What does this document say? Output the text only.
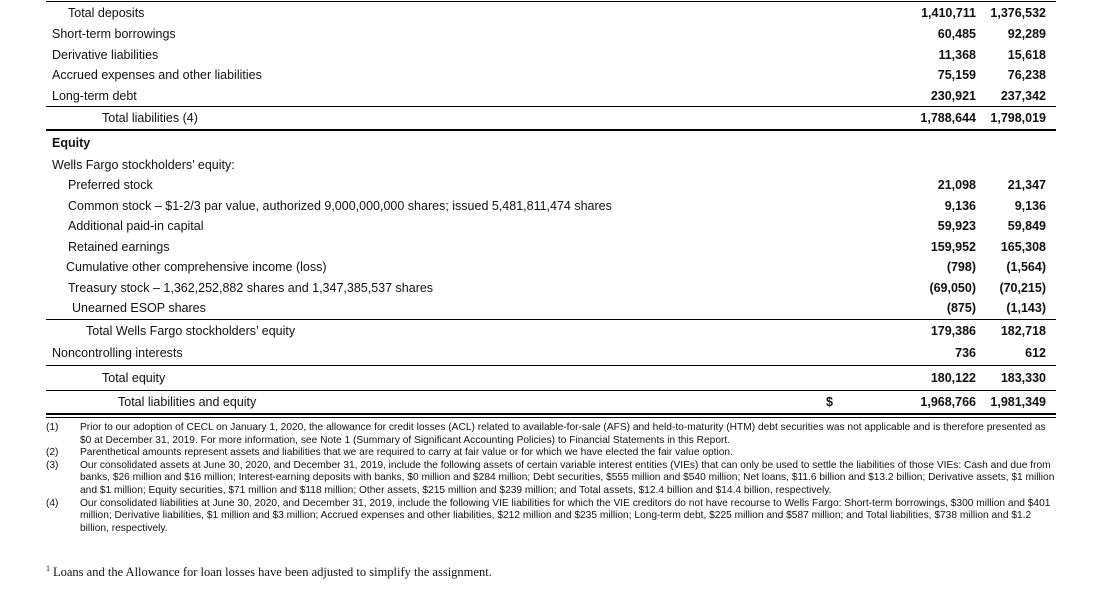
Total deposits	1,410,711	1,376,532
Short-term borrowings	60,485	92,289
Derivative liabilities	11,368	15,618
Accrued expenses and other liabilities	75,159	76,238
Long-term debt	230,921	237,342
Total liabilities (4)	1,788,644	1,798,019
Equity
Wells Fargo stockholders’ equity:
Preferred stock	21,098	21,347
Common stock – $1-2/3 par value, authorized 9,000,000,000 shares; issued 5,481,811,474 shares	9,136	9,136
Additional paid-in capital	59,923	59,849
Retained earnings	159,952	165,308
Cumulative other comprehensive income (loss)	(798)	(1,564)
Treasury stock – 1,362,252,882 shares and 1,347,385,537 shares	(69,050)	(70,215)
Unearned ESOP shares	(875)	(1,143)
Total Wells Fargo stockholders’ equity	179,386	182,718
Noncontrolling interests	736	612
Total equity	180,122	183,330
Total liabilities and equity	$	1,968,766	1,981,349

(1) Prior to our adoption of CECL on January 1, 2020, the allowance for credit losses (ACL) related to available-for-sale (AFS) and held-to-maturity (HTM) debt securities was not applicable and is therefore presented as $0 at December 31, 2019. For more information, see Note 1 (Summary of Significant Accounting Policies) to Financial Statements in this Report.

(2) Parenthetical amounts represent assets and liabilities that we are required to carry at fair value or for which we have elected the fair value option.

(3) Our consolidated assets at June 30, 2020, and December 31, 2019, include the following assets of certain variable interest entities (VIEs) that can only be used to settle the liabilities of those VIEs: Cash and due from banks, $26 million and $16 million; Interest-earning deposits with banks, $0 million and $284 million; Debt securities, $555 million and $540 million; Net loans, $11.6 billion and $13.2 billion; Derivative assets, $1 million and $1 million; Equity securities, $71 million and $118 million; Other assets, $215 million and $239 million; and Total assets, $12.4 billion and $14.4 billion, respectively.

(4) Our consolidated liabilities at June 30, 2020, and December 31, 2019, include the following VIE liabilities for which the VIE creditors do not have recourse to Wells Fargo: Short-term borrowings, $300 million and $401 million; Derivative liabilities, $1 million and $3 million; Accrued expenses and other liabilities, $212 million and $235 million; Long-term debt, $225 million and $587 million; and Total liabilities, $738 million and $1.2 billion, respectively.

$^1$ Loans and the Allowance for loan losses have been adjusted to simplify the assignment.
